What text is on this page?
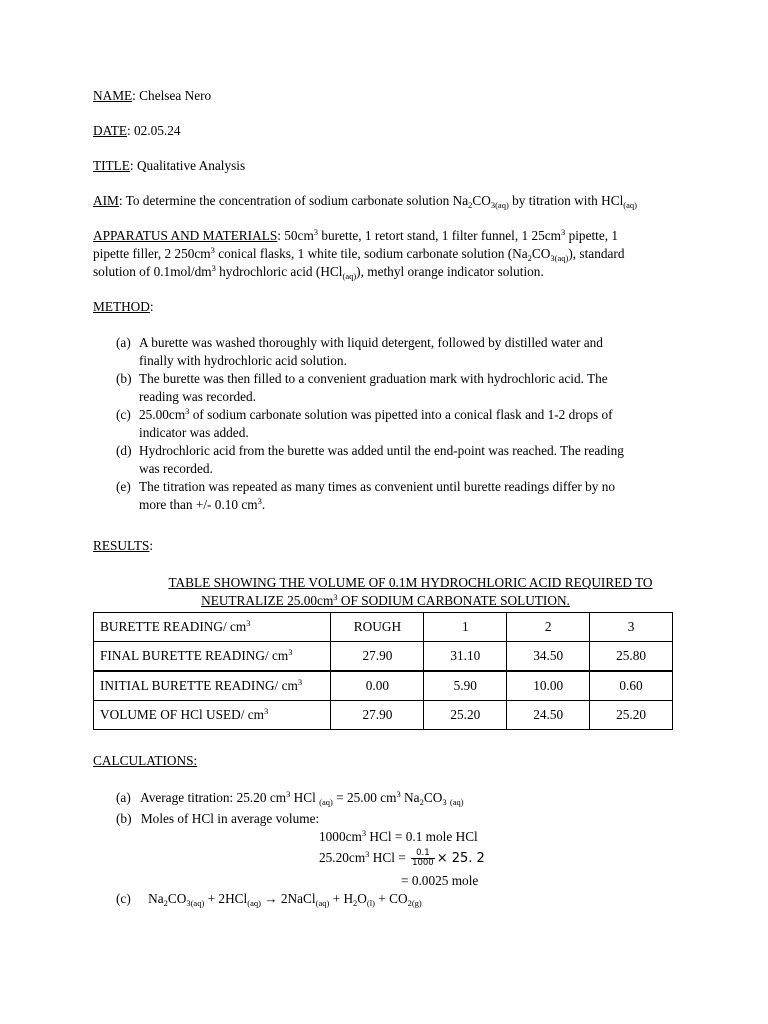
NAME: Chelsea Nero
DATE: 02.05.24
TITLE: Qualitative Analysis
AIM: To determine the concentration of sodium carbonate solution $Na_2CO_{3(aq)}$ by titration with HCl$_{(aq)}$
APPARATUS AND MATERIALS: $50cm^3$ burette, 1 retort stand, 1 filter funnel, 1 $25cm^3$ pipette, 1
pipette filler, 2 $250cm^3$ conical flasks, 1 white tile, sodium carbonate solution $(Na_2CO_{3(aq)})$, standard
solution of $0.1mol/dm^3$ hydrochloric acid (HCl$_{(aq)}$), methyl orange indicator solution.
METHOD:
(a) A burette was washed thoroughly with liquid detergent, followed by distilled water and finally with hydrochloric acid solution.
(b) The burette was then filled to a convenient graduation mark with hydrochloric acid. The reading was recorded.
(c) $25.00cm^3$ of sodium carbonate solution was pipetted into a conical flask and 1-2 drops of indicator was added.
(d) Hydrochloric acid from the burette was added until the end-point was reached. The reading was recorded.
(e) The titration was repeated as many times as convenient until burette readings differ by no more than +/- 0.10 $cm^3$.
RESULTS:
TABLE SHOWING THE VOLUME OF 0.1M HYDROCHLORIC ACID REQUIRED TO
NEUTRALIZE $25.00cm^3$ OF SODIUM CARBONATE SOLUTION.
BURETTE READING/ $cm^3$	ROUGH	1	2	3
FINAL BURETTE READING/ $cm^3$	27.90	31.10	34.50	25.80
INITIAL BURETTE READING/ $cm^3$	0.00	5.90	10.00	0.60
VOLUME OF HCl USED/ $cm^3$	27.90	25.20	24.50	25.20
CALCULATIONS:
(a) Average titration: 25.20 $cm^3$ HCl $_{(aq)}$ = 25.00 $cm^3$ $Na_2CO_3$ $_{(aq)}$
(b) Moles of HCl in average volume:
$1000cm^3$ HCl = 0.1 mole HCl
$25.20cm^3$ HCl = $\frac{0.1}{1000} \times 25$. 2
= 0.0025 mole
(c) $Na_2CO_{3(aq)} + 2HCl_{(aq)}$ → 2NaCl$_{(aq)}$ + $H_2O_{(l)} + CO_{2(g)}$
